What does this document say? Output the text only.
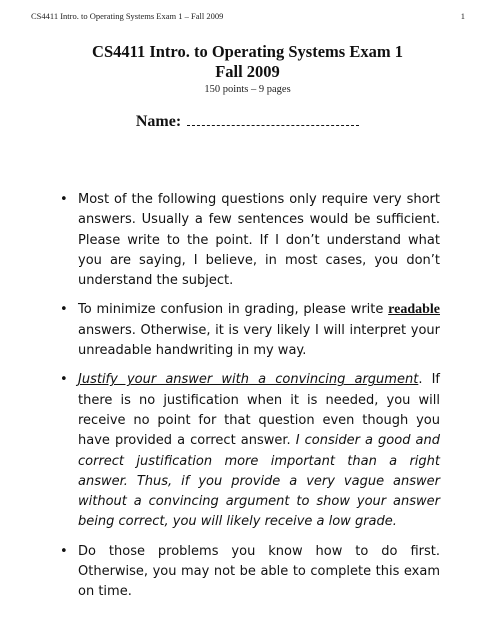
CS4411 Intro. to Operating Systems Exam 1 – Fall 2009	1
CS4411 Intro. to Operating Systems Exam 1
Fall 2009
150 points – 9 pages
Name:
• Most of the following questions only require very short answers. Usually a few sentences would be sufficient. Please write to the point. If I don’t understand what you are saying, I believe, in most cases, you don’t understand the subject.
• To minimize confusion in grading, please write readable answers. Otherwise, it is very likely I will interpret your unreadable handwriting in my way.
• Justify your answer with a convincing argument. If there is no justification when it is needed, you will receive no point for that question even though you have provided a correct answer. I consider a good and correct justification more important than a right answer. Thus, if you provide a very vague answer without a convincing argument to show your answer being correct, you will likely receive a low grade.
• Do those problems you know how to do first. Otherwise, you may not be able to complete this exam on time.
